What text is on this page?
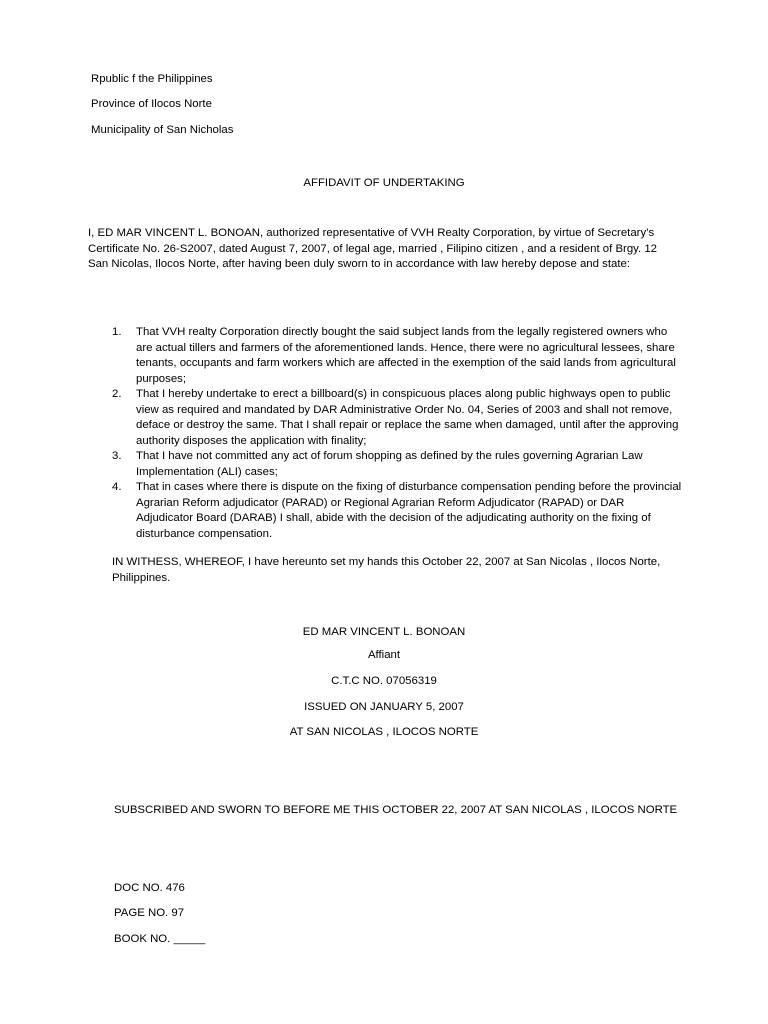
Rpublic f the Philippines

Province of Ilocos Norte

Municipality of San Nicholas

AFFIDAVIT OF UNDERTAKING

I, ED MAR VINCENT L. BONOAN, authorized representative of VVH Realty Corporation, by virtue of Secretary’s Certificate No. 26-S2007, dated August 7, 2007, of legal age, married , Filipino citizen , and a resident of Brgy. 12 San Nicolas, Ilocos Norte, after having been duly sworn to in accordance with law hereby depose and state:

1. That VVH realty Corporation directly bought the said subject lands from the legally registered owners who are actual tillers and farmers of the aforementioned lands. Hence, there were no agricultural lessees, share tenants, occupants and farm workers which are affected in the exemption of the said lands from agricultural purposes;
2. That I hereby undertake to erect a billboard(s) in conspicuous places along public highways open to public view as required and mandated by DAR Administrative Order No. 04, Series of 2003 and shall not remove, deface or destroy the same. That I shall repair or replace the same when damaged, until after the approving authority disposes the application with finality;
3. That I have not committed any act of forum shopping as defined by the rules governing Agrarian Law Implementation (ALI) cases;
4. That in cases where there is dispute on the fixing of disturbance compensation pending before the provincial Agrarian Reform adjudicator (PARAD) or Regional Agrarian Reform Adjudicator (RAPAD) or DAR Adjudicator Board (DARAB) I shall, abide with the decision of the adjudicating authority on the fixing of disturbance compensation.

IN WITHESS, WHEREOF, I have hereunto set my hands this October 22, 2007 at San Nicolas , Ilocos Norte, Philippines.

ED MAR VINCENT L. BONOAN

Affiant

C.T.C NO. 07056319

ISSUED ON JANUARY 5, 2007

AT SAN NICOLAS , ILOCOS NORTE

SUBSCRIBED AND SWORN TO BEFORE ME THIS OCTOBER 22, 2007 AT SAN NICOLAS , ILOCOS NORTE

DOC NO. 476

PAGE NO. 97

BOOK NO. _____
